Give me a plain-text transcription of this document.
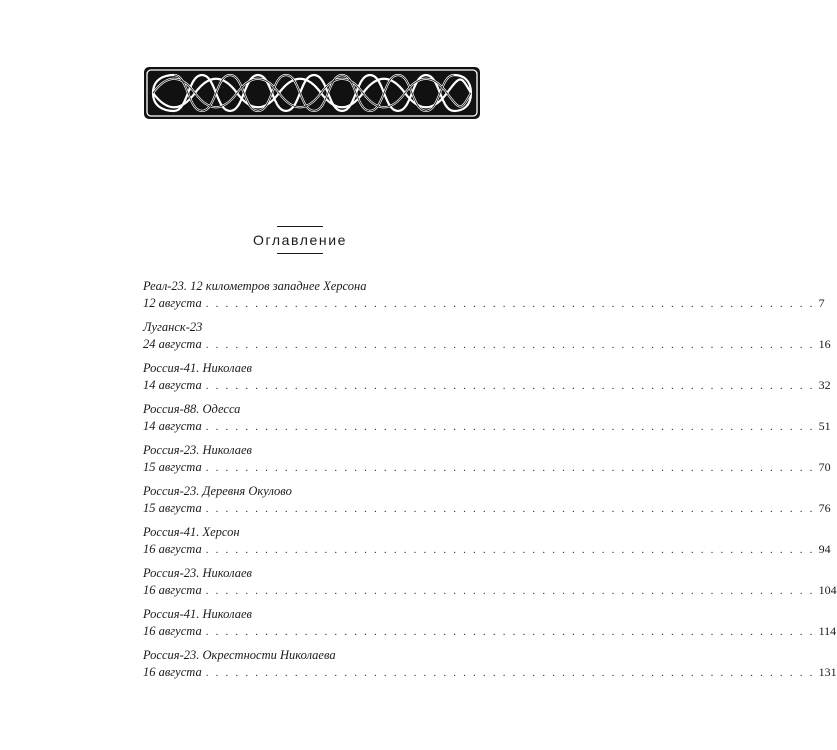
Оглавление
Реал-23. 12 километров западнее Херсона
12 августа . . . . . . . . . . . . . . . . . . . . . . . . . . . . . . . . . . . . . . . . . . . . . . . . . . . . . . . . . . . . . . 7
Луганск-23
24 августа . . . . . . . . . . . . . . . . . . . . . . . . . . . . . . . . . . . . . . . . . . . . . . . . . . . . . . . . . . . . . . 16
Россия-41. Николаев
14 августа . . . . . . . . . . . . . . . . . . . . . . . . . . . . . . . . . . . . . . . . . . . . . . . . . . . . . . . . . . . . . . 32
Россия-88. Одесса
14 августа . . . . . . . . . . . . . . . . . . . . . . . . . . . . . . . . . . . . . . . . . . . . . . . . . . . . . . . . . . . . . . 51
Россия-23. Николаев
15 августа . . . . . . . . . . . . . . . . . . . . . . . . . . . . . . . . . . . . . . . . . . . . . . . . . . . . . . . . . . . . . . 70
Россия-23. Деревня Окулово
15 августа . . . . . . . . . . . . . . . . . . . . . . . . . . . . . . . . . . . . . . . . . . . . . . . . . . . . . . . . . . . . . . 76
Россия-41. Херсон
16 августа . . . . . . . . . . . . . . . . . . . . . . . . . . . . . . . . . . . . . . . . . . . . . . . . . . . . . . . . . . . . . . 94
Россия-23. Николаев
16 августа . . . . . . . . . . . . . . . . . . . . . . . . . . . . . . . . . . . . . . . . . . . . . . . . . . . . . . . . . . . . . . 104
Россия-41. Николаев
16 августа . . . . . . . . . . . . . . . . . . . . . . . . . . . . . . . . . . . . . . . . . . . . . . . . . . . . . . . . . . . . . . 114
Россия-23. Окрестности Николаева
16 августа . . . . . . . . . . . . . . . . . . . . . . . . . . . . . . . . . . . . . . . . . . . . . . . . . . . . . . . . . . . . . . 131
